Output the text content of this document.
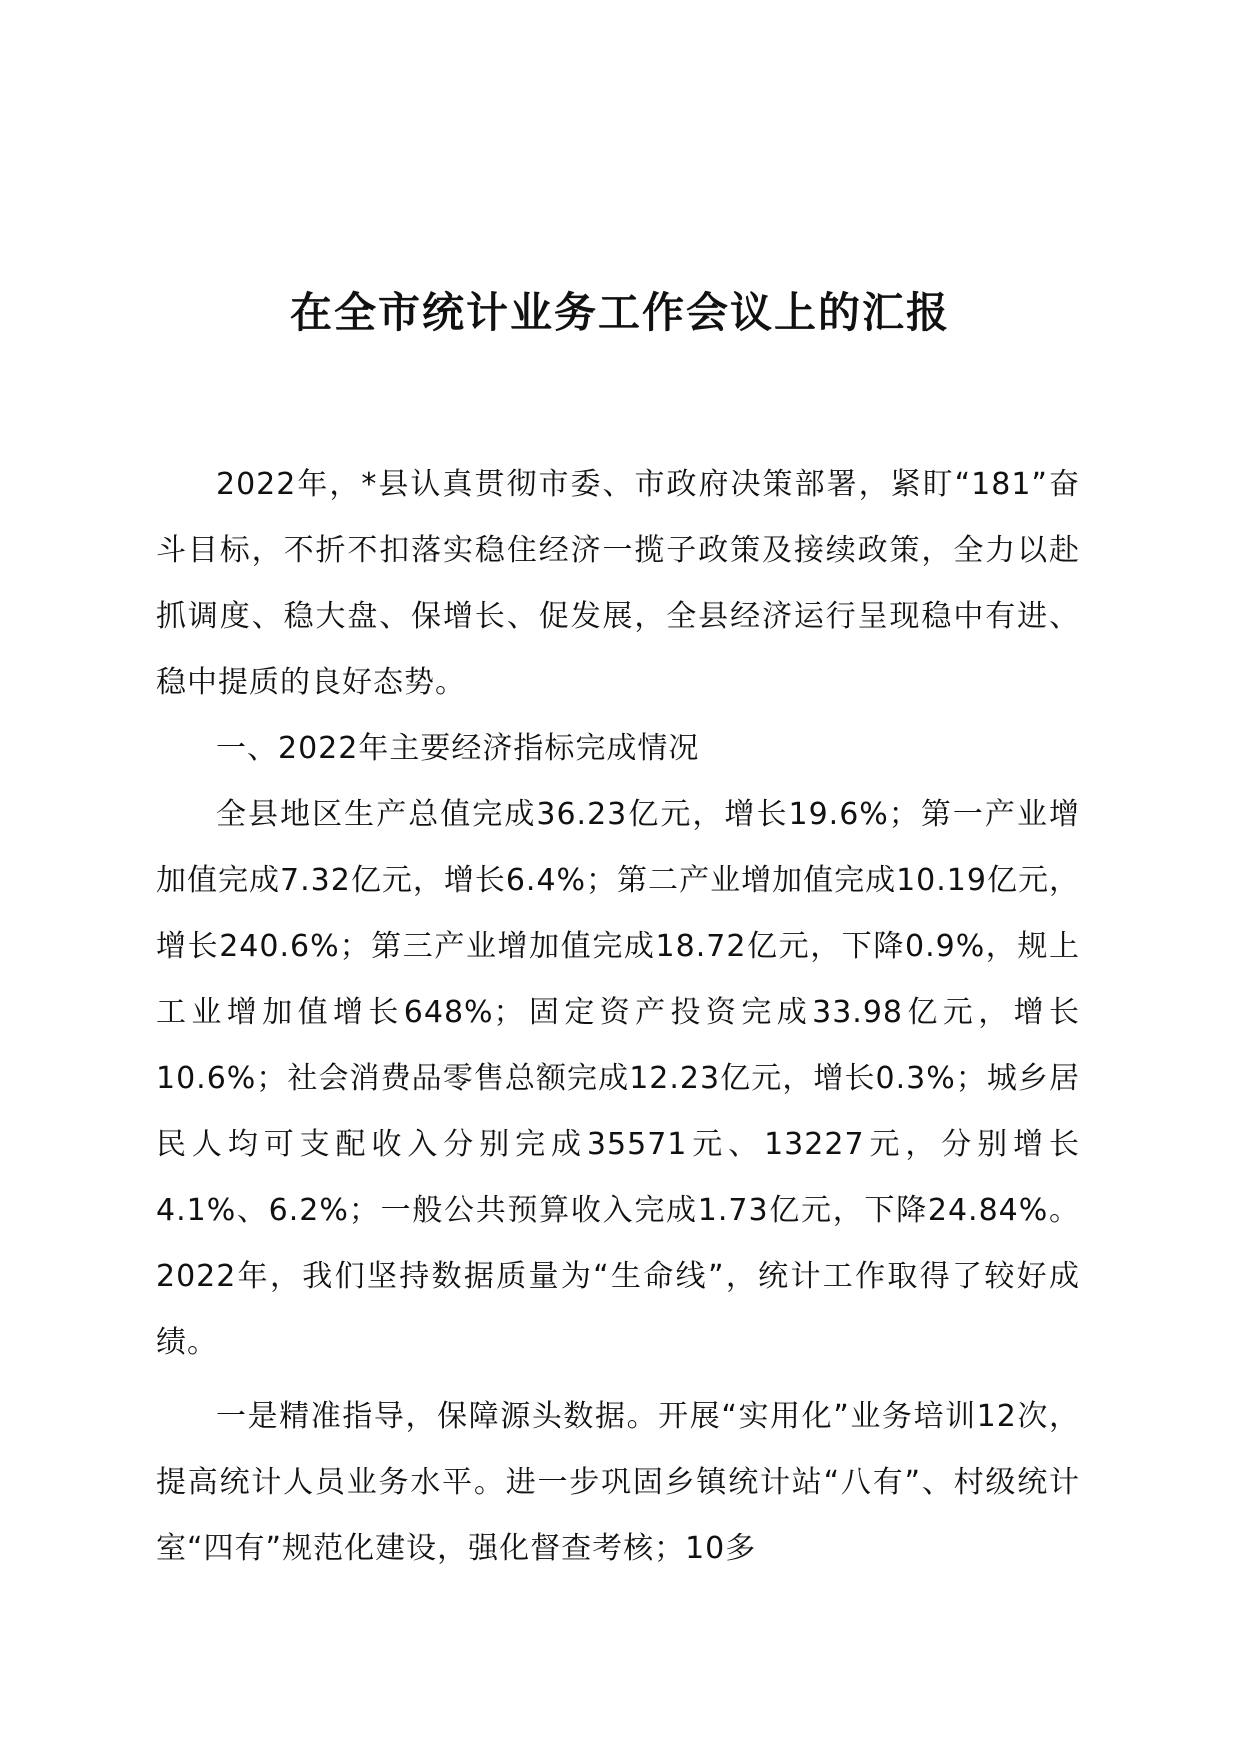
在全市统计业务工作会议上的汇报

2022年，*县认真贯彻市委、市政府决策部署，紧盯“181”奋斗目标，不折不扣落实稳住经济一揽子政策及接续政策，全力以赴抓调度、稳大盘、保增长、促发展，全县经济运行呈现稳中有进、稳中提质的良好态势。

一、2022年主要经济指标完成情况

全县地区生产总值完成36.23亿元，增长19.6%；第一产业增加值完成7.32亿元，增长6.4%；第二产业增加值完成10.19亿元，增长240.6%；第三产业增加值完成18.72亿元，下降0.9%，规上工业增加值增长648%；固定资产投资完成33.98亿元，增长10.6%；社会消费品零售总额完成12.23亿元，增长0.3%；城乡居民人均可支配收入分别完成35571元、13227元，分别增长4.1%、6.2%；一般公共预算收入完成1.73亿元，下降24.84%。2022年，我们坚持数据质量为“生命线”，统计工作取得了较好成绩。

一是精准指导，保障源头数据。开展“实用化”业务培训12次，提高统计人员业务水平。进一步巩固乡镇统计站“八有”、村级统计室“四有”规范化建设，强化督查考核；10多
